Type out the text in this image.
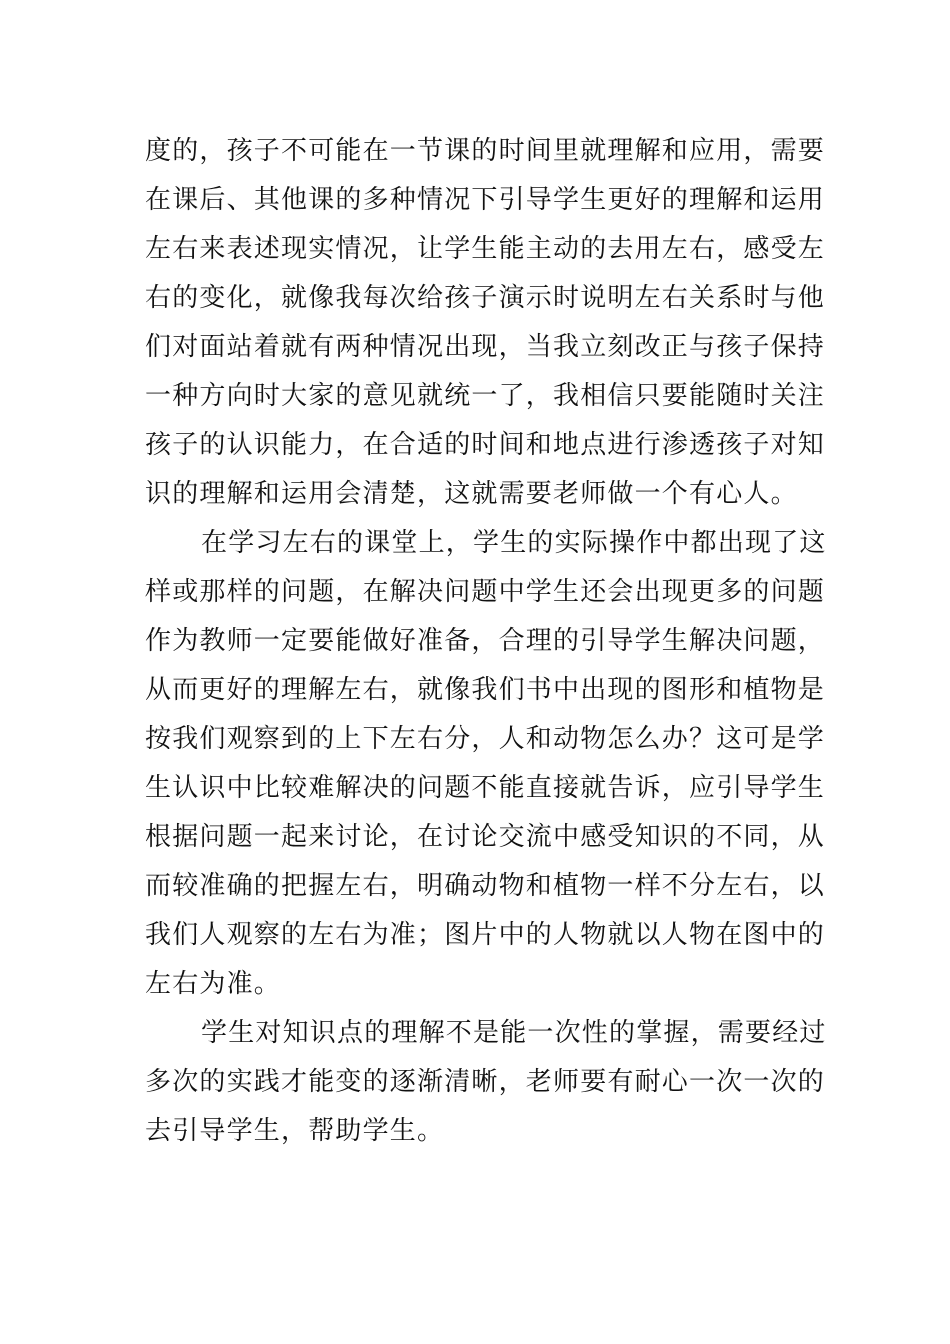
度的，孩子不可能在一节课的时间里就理解和应用，需要
在课后、其他课的多种情况下引导学生更好的理解和运用
左右来表述现实情况，让学生能主动的去用左右，感受左
右的变化，就像我每次给孩子演示时说明左右关系时与他
们对面站着就有两种情况出现，当我立刻改正与孩子保持
一种方向时大家的意见就统一了，我相信只要能随时关注
孩子的认识能力，在合适的时间和地点进行渗透孩子对知
识的理解和运用会清楚，这就需要老师做一个有心人。
在学习左右的课堂上，学生的实际操作中都出现了这
样或那样的问题，在解决问题中学生还会出现更多的问题
作为教师一定要能做好准备，合理的引导学生解决问题，
从而更好的理解左右，就像我们书中出现的图形和植物是
按我们观察到的上下左右分，人和动物怎么办？这可是学
生认识中比较难解决的问题不能直接就告诉，应引导学生
根据问题一起来讨论，在讨论交流中感受知识的不同，从
而较准确的把握左右，明确动物和植物一样不分左右，以
我们人观察的左右为准；图片中的人物就以人物在图中的
左右为准。
学生对知识点的理解不是能一次性的掌握，需要经过
多次的实践才能变的逐渐清晰，老师要有耐心一次一次的
去引导学生，帮助学生。
